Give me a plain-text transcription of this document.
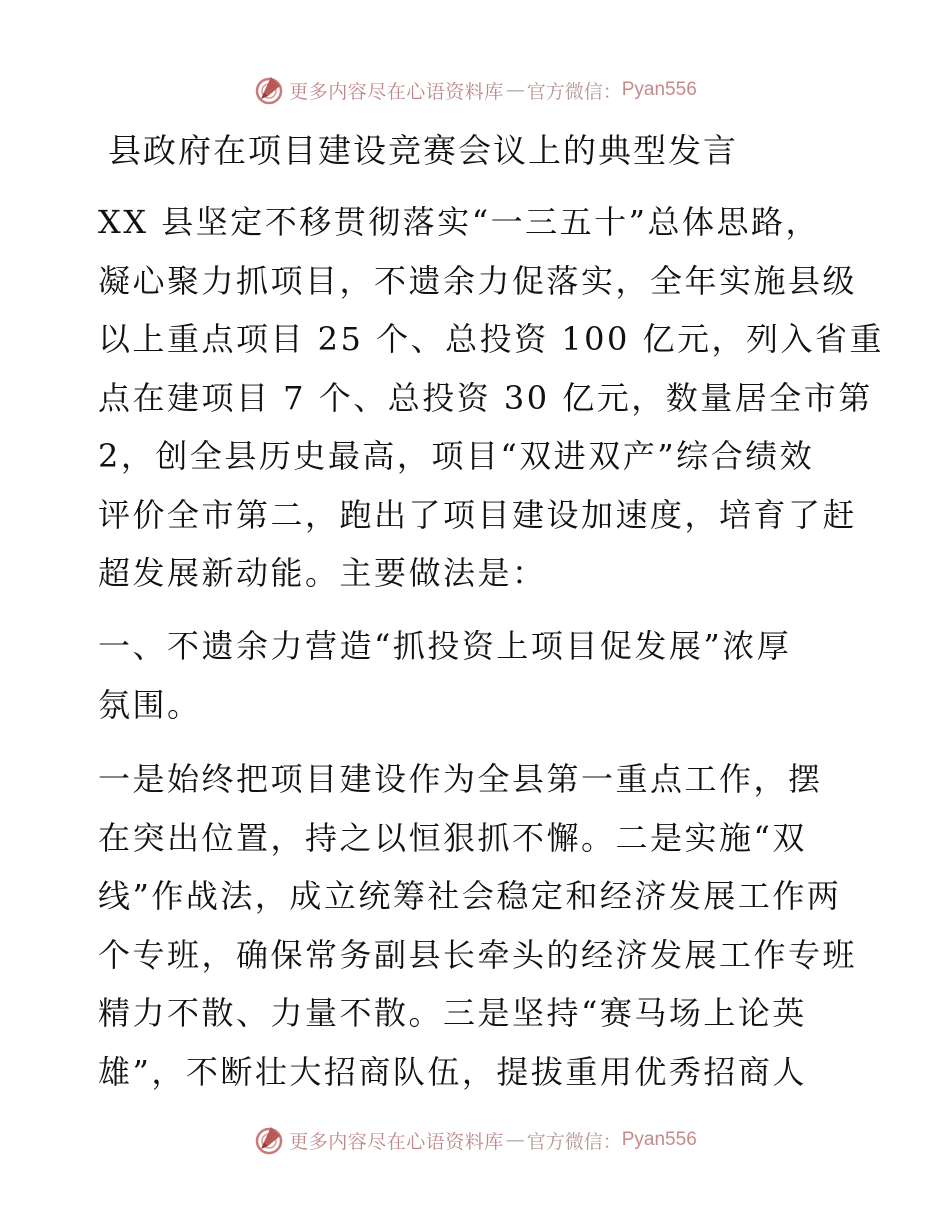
更多内容尽在心语资料库 — 官方微信： Pyan556
县政府在项目建设竞赛会议上的典型发言

XX 县坚定不移贯彻落实“一三五十”总体思路，
凝心聚力抓项目，不遗余力促落实，全年实施县级
以上重点项目 25 个、总投资 100 亿元，列入省重
点在建项目 7 个、总投资 30 亿元，数量居全市第
2，创全县历史最高，项目“双进双产”综合绩效
评价全市第二，跑出了项目建设加速度，培育了赶
超发展新动能。主要做法是：

一、不遗余力营造“抓投资上项目促发展”浓厚
氛围。

一是始终把项目建设作为全县第一重点工作，摆
在突出位置，持之以恒狠抓不懈。二是实施“双
线”作战法，成立统筹社会稳定和经济发展工作两
个专班，确保常务副县长牵头的经济发展工作专班
精力不散、力量不散。三是坚持“赛马场上论英
雄”，不断壮大招商队伍，提拔重用优秀招商人

更多内容尽在心语资料库 — 官方微信： Pyan556
